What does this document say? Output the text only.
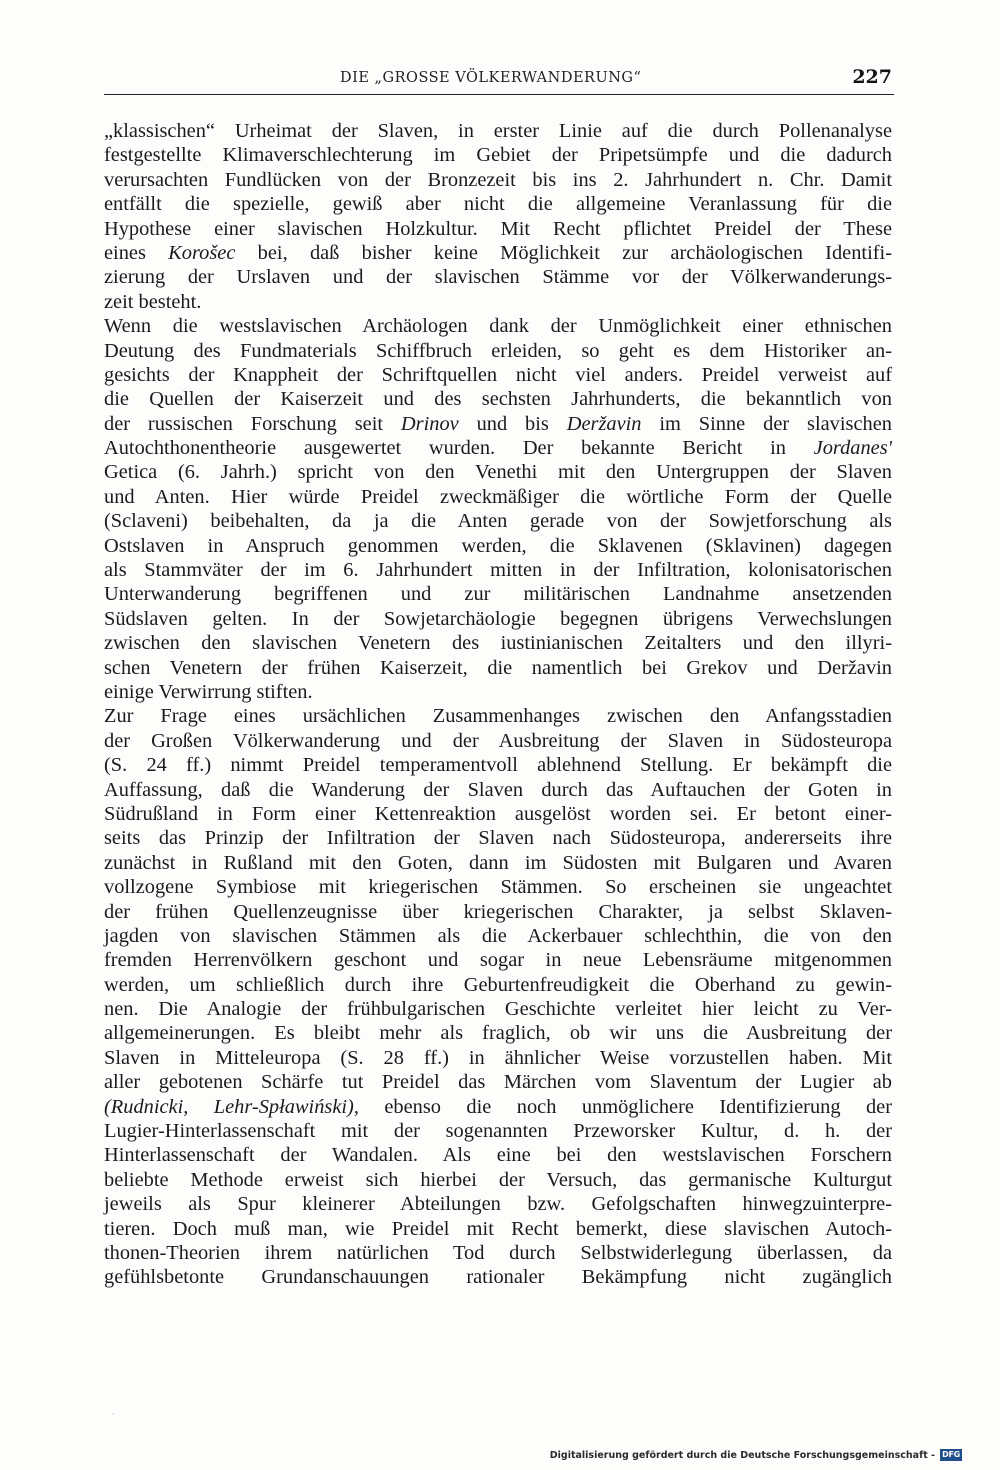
DIE „GROSSE VÖLKERWANDERUNG“	227
„klassischen“ Urheimat der Slaven, in erster Linie auf die durch Pollenanalyse
festgestellte Klimaverschlechterung im Gebiet der Pripetsümpfe und die dadurch
verursachten Fundlücken von der Bronzezeit bis ins 2. Jahrhundert n. Chr. Damit
entfällt die spezielle, gewiß aber nicht die allgemeine Veranlassung für die
Hypothese einer slavischen Holzkultur. Mit Recht pflichtet Preidel der These
eines Korošec bei, daß bisher keine Möglichkeit zur archäologischen Identifi-
zierung der Urslaven und der slavischen Stämme vor der Völkerwanderungs-
zeit besteht.
Wenn die westslavischen Archäologen dank der Unmöglichkeit einer ethnischen
Deutung des Fundmaterials Schiffbruch erleiden, so geht es dem Historiker an-
gesichts der Knappheit der Schriftquellen nicht viel anders. Preidel verweist auf
die Quellen der Kaiserzeit und des sechsten Jahrhunderts, die bekanntlich von
der russischen Forschung seit Drinov und bis Deržavin im Sinne der slavischen
Autochthonentheorie ausgewertet wurden. Der bekannte Bericht in Jordanes'
Getica (6. Jahrh.) spricht von den Venethi mit den Untergruppen der Slaven
und Anten. Hier würde Preidel zweckmäßiger die wörtliche Form der Quelle
(Sclaveni) beibehalten, da ja die Anten gerade von der Sowjetforschung als
Ostslaven in Anspruch genommen werden, die Sklavenen (Sklavinen) dagegen
als Stammväter der im 6. Jahrhundert mitten in der Infiltration, kolonisatorischen
Unterwanderung begriffenen und zur militärischen Landnahme ansetzenden
Südslaven gelten. In der Sowjetarchäologie begegnen übrigens Verwechslungen
zwischen den slavischen Venetern des iustinianischen Zeitalters und den illyri-
schen Venetern der frühen Kaiserzeit, die namentlich bei Grekov und Deržavin
einige Verwirrung stiften.
Zur Frage eines ursächlichen Zusammenhanges zwischen den Anfangsstadien
der Großen Völkerwanderung und der Ausbreitung der Slaven in Südosteuropa
(S. 24 ff.) nimmt Preidel temperamentvoll ablehnend Stellung. Er bekämpft die
Auffassung, daß die Wanderung der Slaven durch das Auftauchen der Goten in
Südrußland in Form einer Kettenreaktion ausgelöst worden sei. Er betont einer-
seits das Prinzip der Infiltration der Slaven nach Südosteuropa, andererseits ihre
zunächst in Rußland mit den Goten, dann im Südosten mit Bulgaren und Avaren
vollzogene Symbiose mit kriegerischen Stämmen. So erscheinen sie ungeachtet
der frühen Quellenzeugnisse über kriegerischen Charakter, ja selbst Sklaven-
jagden von slavischen Stämmen als die Ackerbauer schlechthin, die von den
fremden Herrenvölkern geschont und sogar in neue Lebensräume mitgenommen
werden, um schließlich durch ihre Geburtenfreudigkeit die Oberhand zu gewin-
nen. Die Analogie der frühbulgarischen Geschichte verleitet hier leicht zu Ver-
allgemeinerungen. Es bleibt mehr als fraglich, ob wir uns die Ausbreitung der
Slaven in Mitteleuropa (S. 28 ff.) in ähnlicher Weise vorzustellen haben. Mit
aller gebotenen Schärfe tut Preidel das Märchen vom Slaventum der Lugier ab
(Rudnicki, Lehr-Spławiński), ebenso die noch unmöglichere Identifizierung der
Lugier-Hinterlassenschaft mit der sogenannten Przeworsker Kultur, d. h. der
Hinterlassenschaft der Wandalen. Als eine bei den westslavischen Forschern
beliebte Methode erweist sich hierbei der Versuch, das germanische Kulturgut
jeweils als Spur kleinerer Abteilungen bzw. Gefolgschaften hinwegzuinterpre-
tieren. Doch muß man, wie Preidel mit Recht bemerkt, diese slavischen Autoch-
thonen-Theorien ihrem natürlichen Tod durch Selbstwiderlegung überlassen, da
gefühlsbetonte Grundanschauungen rationaler Bekämpfung nicht zugänglich
·
Digitalisierung gefördert durch die Deutsche Forschungsgemeinschaft - DFG
